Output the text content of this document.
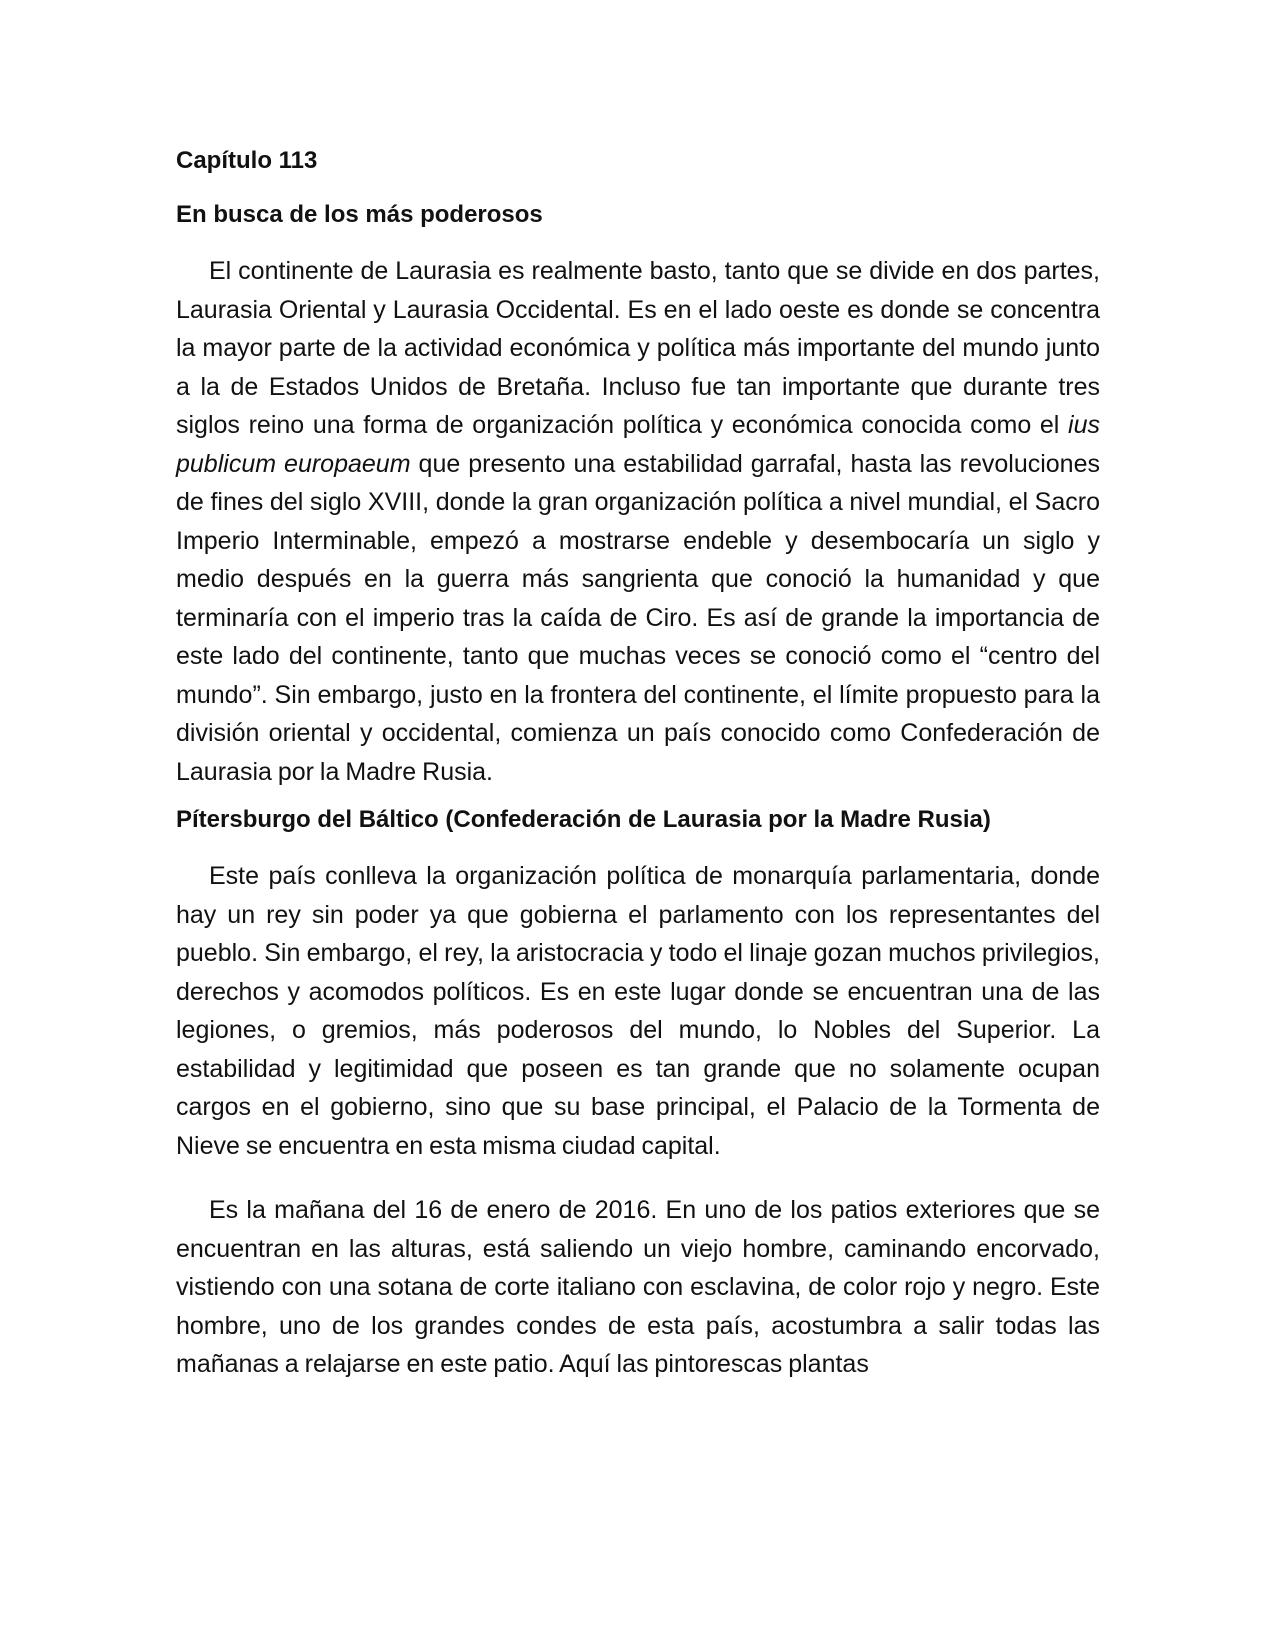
Capítulo 113
En busca de los más poderosos

El continente de Laurasia es realmente basto, tanto que se divide en dos partes, Laurasia Oriental y Laurasia Occidental. Es en el lado oeste es donde se concentra la mayor parte de la actividad económica y política más importante del mundo junto a la de Estados Unidos de Bretaña. Incluso fue tan importante que durante tres siglos reino una forma de organización política y económica conocida como el ius publicum europaeum que presento una estabilidad garrafal, hasta las revoluciones de fines del siglo XVIII, donde la gran organización política a nivel mundial, el Sacro Imperio Interminable, empezó a mostrarse endeble y desembocaría un siglo y medio después en la guerra más sangrienta que conoció la humanidad y que terminaría con el imperio tras la caída de Ciro. Es así de grande la importancia de este lado del continente, tanto que muchas veces se conoció como el “centro del mundo”. Sin embargo, justo en la frontera del continente, el límite propuesto para la división oriental y occidental, comienza un país conocido como Confederación de Laurasia por la Madre Rusia.

Pítersburgo del Báltico (Confederación de Laurasia por la Madre Rusia)

Este país conlleva la organización política de monarquía parlamentaria, donde hay un rey sin poder ya que gobierna el parlamento con los representantes del pueblo. Sin embargo, el rey, la aristocracia y todo el linaje gozan muchos privilegios, derechos y acomodos políticos. Es en este lugar donde se encuentran una de las legiones, o gremios, más poderosos del mundo, lo Nobles del Superior. La estabilidad y legitimidad que poseen es tan grande que no solamente ocupan cargos en el gobierno, sino que su base principal, el Palacio de la Tormenta de Nieve se encuentra en esta misma ciudad capital.

Es la mañana del 16 de enero de 2016. En uno de los patios exteriores que se encuentran en las alturas, está saliendo un viejo hombre, caminando encorvado, vistiendo con una sotana de corte italiano con esclavina, de color rojo y negro. Este hombre, uno de los grandes condes de esta país, acostumbra a salir todas las mañanas a relajarse en este patio. Aquí las pintorescas plantas
